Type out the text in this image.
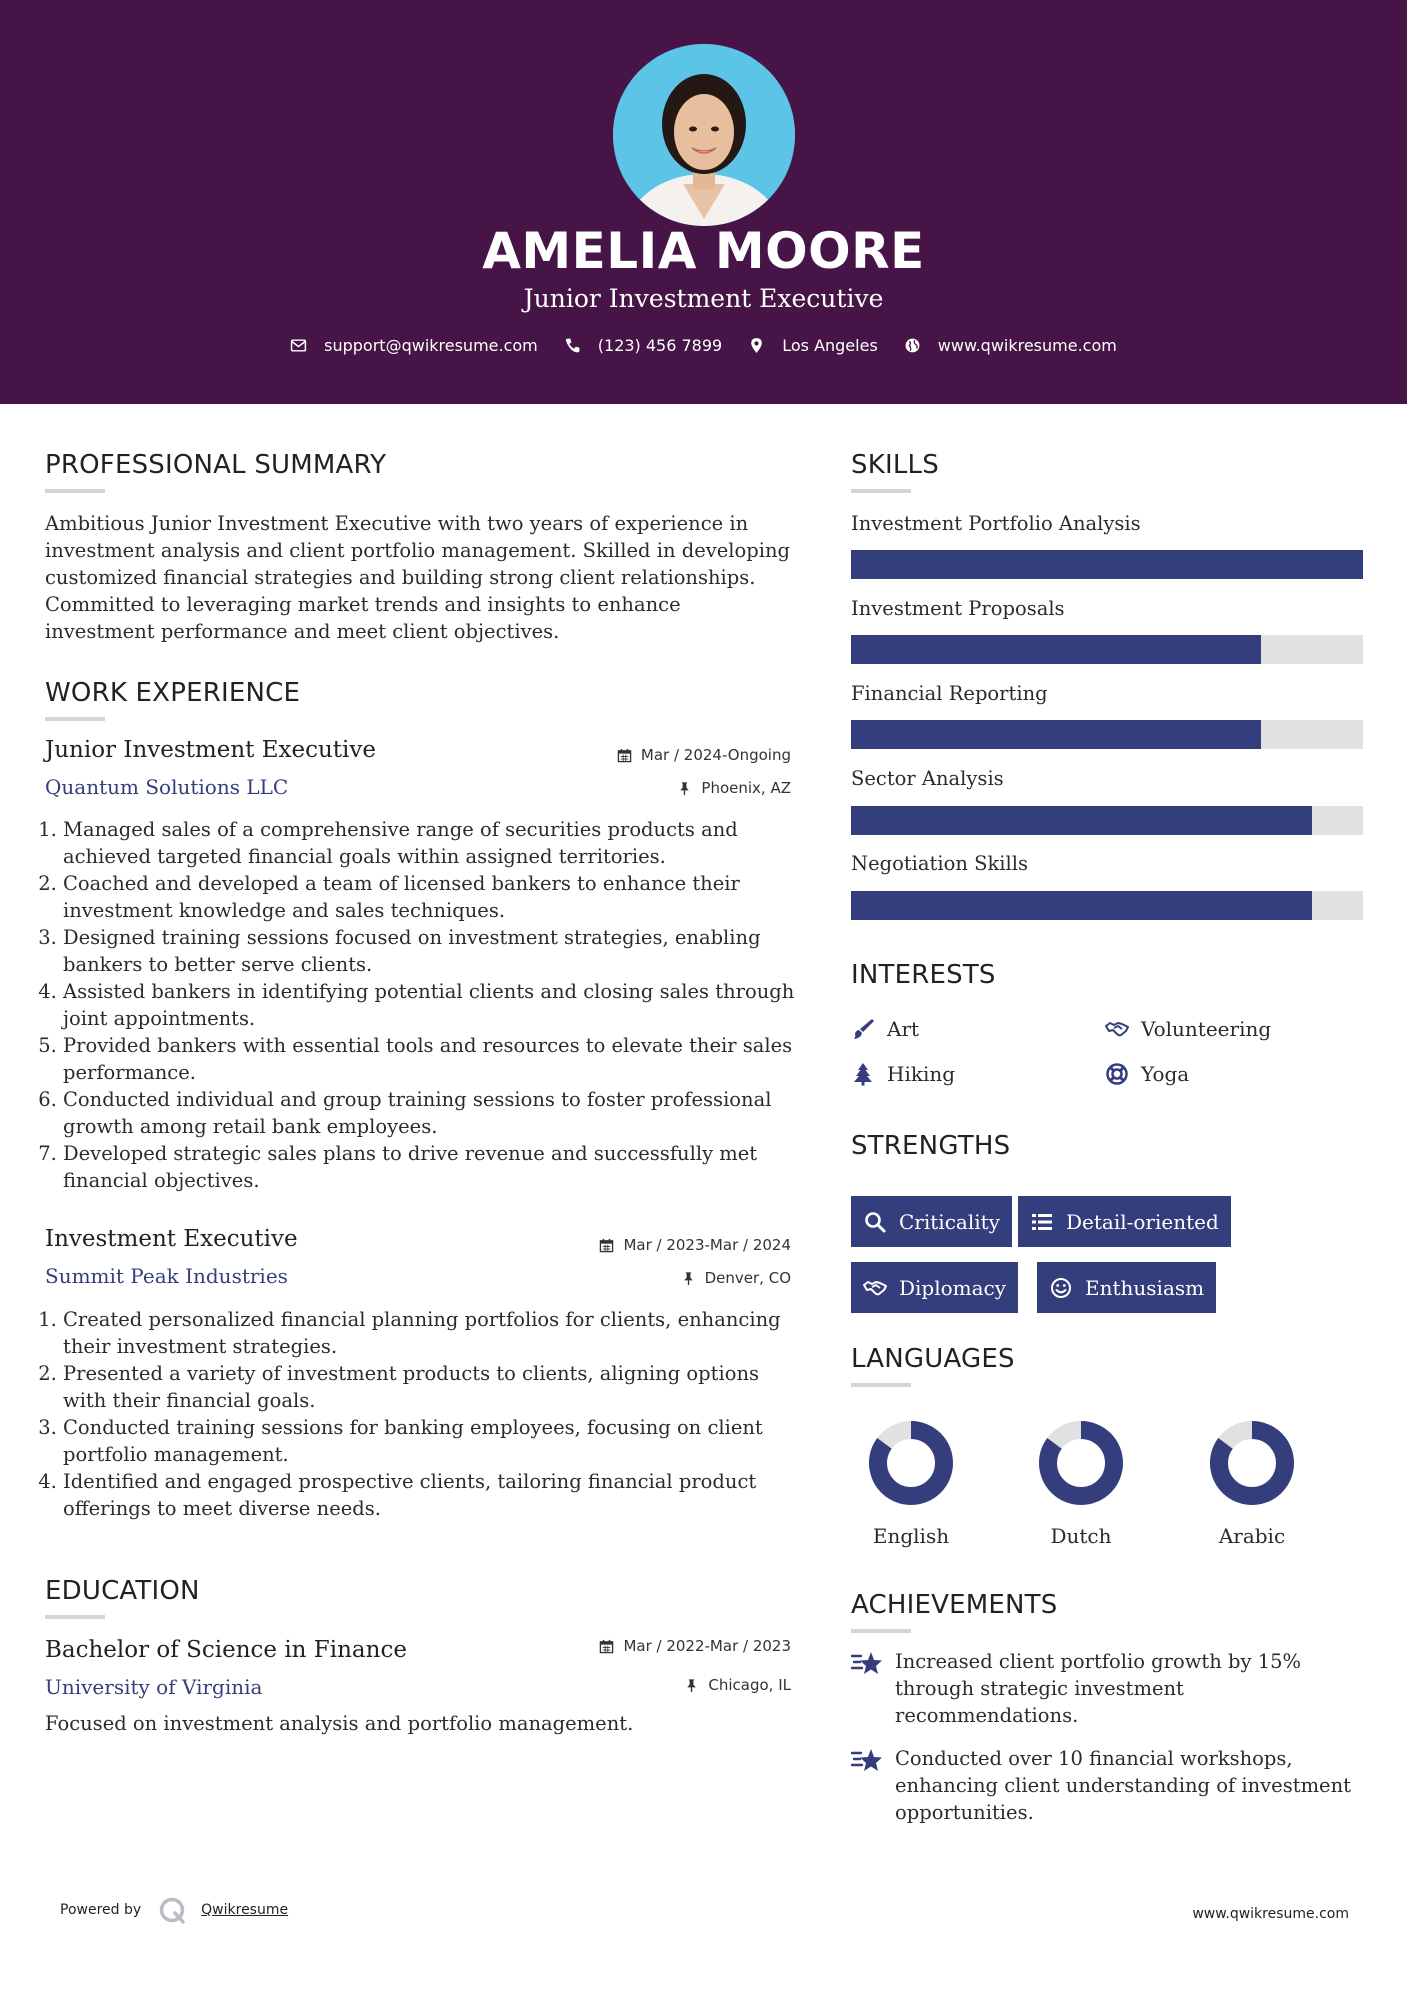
AMELIA MOORE
Junior Investment Executive
support@qwikresume.com	(123) 456 7899	Los Angeles	www.qwikresume.com
PROFESSIONAL SUMMARY
Ambitious Junior Investment Executive with two years of experience in investment analysis and client portfolio management. Skilled in developing customized financial strategies and building strong client relationships. Committed to leveraging market trends and insights to enhance investment performance and meet client objectives.
WORK EXPERIENCE
Junior Investment Executive
Quantum Solutions LLC
Mar / 2024-Ongoing
Phoenix, AZ
1. Managed sales of a comprehensive range of securities products and achieved targeted financial goals within assigned territories.
2. Coached and developed a team of licensed bankers to enhance their investment knowledge and sales techniques.
3. Designed training sessions focused on investment strategies, enabling bankers to better serve clients.
4. Assisted bankers in identifying potential clients and closing sales through joint appointments.
5. Provided bankers with essential tools and resources to elevate their sales performance.
6. Conducted individual and group training sessions to foster professional growth among retail bank employees.
7. Developed strategic sales plans to drive revenue and successfully met financial objectives.
Investment Executive
Summit Peak Industries
Mar / 2023-Mar / 2024
Denver, CO
1. Created personalized financial planning portfolios for clients, enhancing their investment strategies.
2. Presented a variety of investment products to clients, aligning options with their financial goals.
3. Conducted training sessions for banking employees, focusing on client portfolio management.
4. Identified and engaged prospective clients, tailoring financial product offerings to meet diverse needs.
EDUCATION
Bachelor of Science in Finance
University of Virginia
Mar / 2022-Mar / 2023
Chicago, IL
Focused on investment analysis and portfolio management.
SKILLS
Investment Portfolio Analysis
Investment Proposals
Financial Reporting
Sector Analysis
Negotiation Skills
INTERESTS
Art	Volunteering
Hiking	Yoga
STRENGTHS
Criticality	Detail-oriented
Diplomacy	Enthusiasm
LANGUAGES
English	Dutch	Arabic
ACHIEVEMENTS
Increased client portfolio growth by 15% through strategic investment recommendations.
Conducted over 10 financial workshops, enhancing client understanding of investment opportunities.
Powered by	Qwikresume	www.qwikresume.com
